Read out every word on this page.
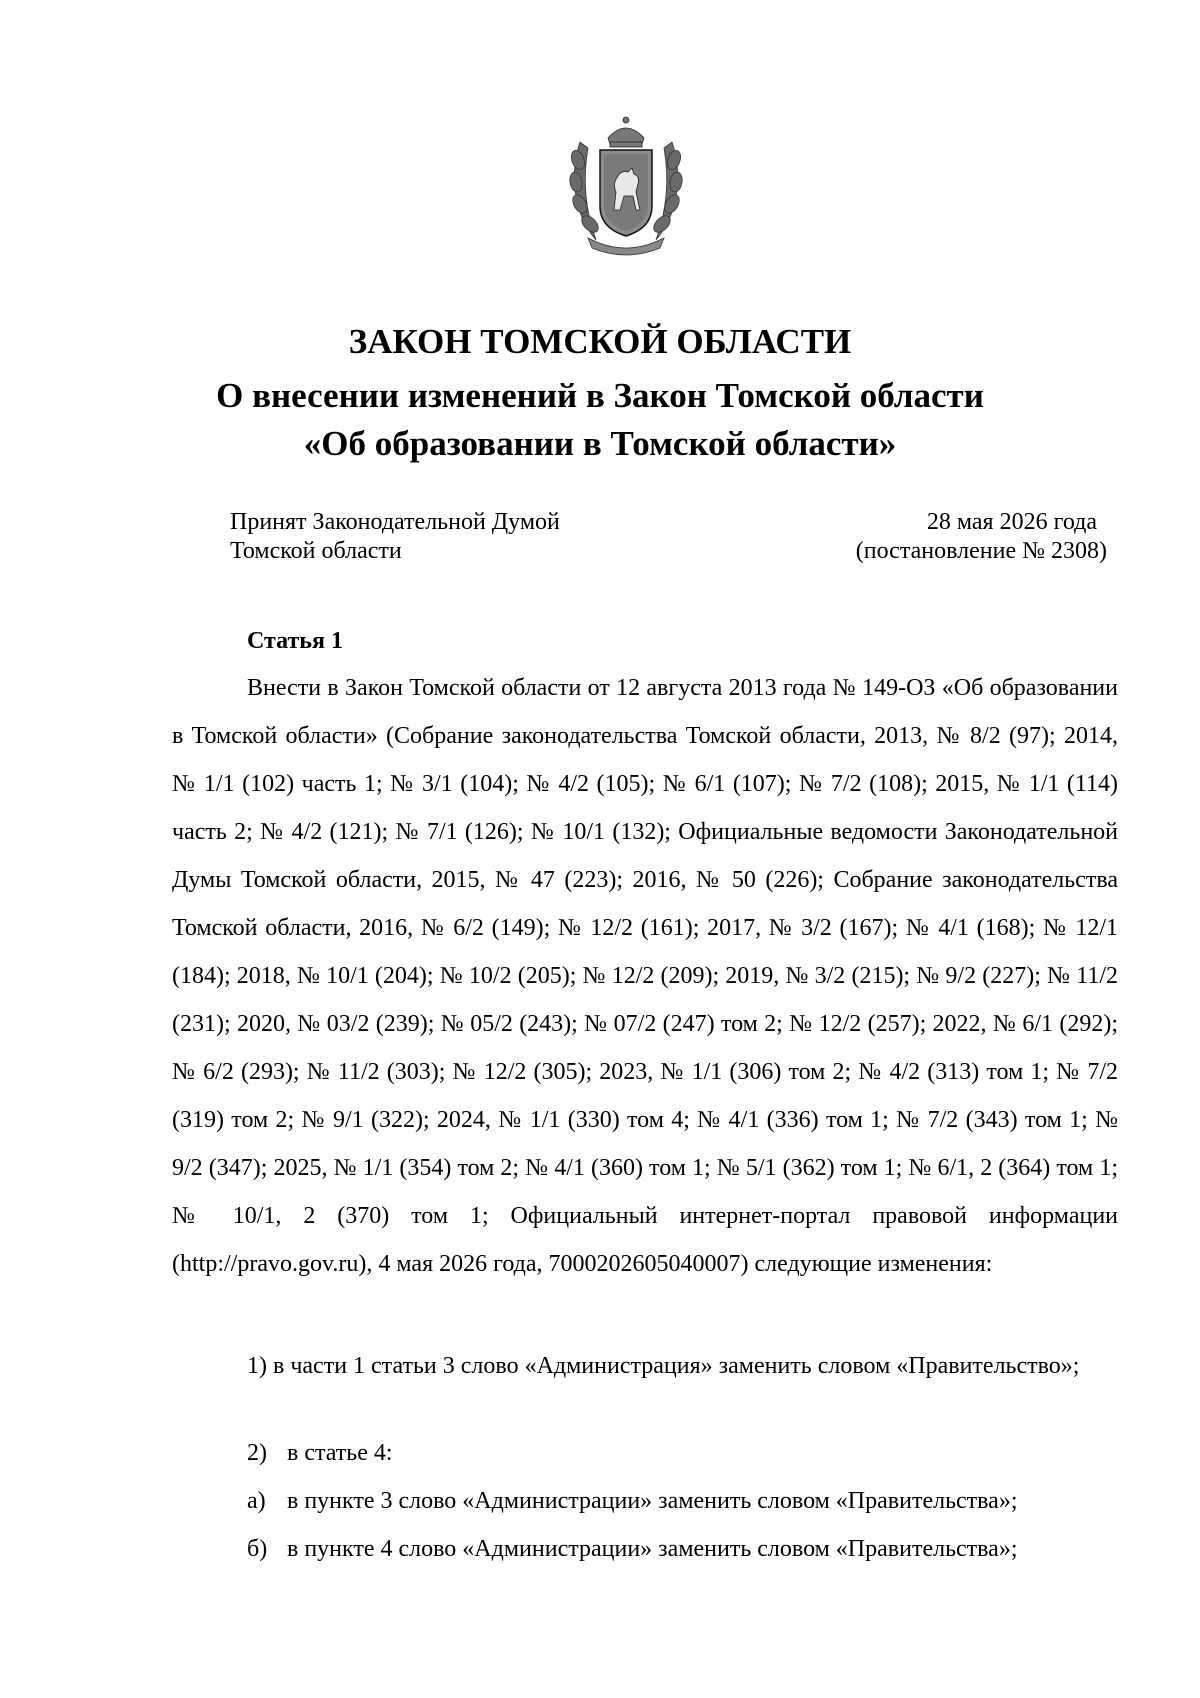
ЗАКОН ТОМСКОЙ ОБЛАСТИ
О внесении изменений в Закон Томской области
«Об образовании в Томской области»
Принят Законодательной Думой
Томской области
28 мая 2026 года
(постановление № 2308)
Статья 1

Внести в Закон Томской области от 12 августа 2013 года № 149-ОЗ «Об образовании в Томской области» (Собрание законодательства Томской области, 2013, № 8/2 (97); 2014, № 1/1 (102) часть 1; № 3/1 (104); № 4/2 (105); № 6/1 (107); № 7/2 (108); 2015, № 1/1 (114) часть 2; № 4/2 (121); № 7/1 (126); № 10/1 (132); Официальные ведомости Законодательной Думы Томской области, 2015, № 47 (223); 2016, № 50 (226); Собрание законодательства Томской области, 2016, № 6/2 (149); № 12/2 (161); 2017, № 3/2 (167); № 4/1 (168); № 12/1 (184); 2018, № 10/1 (204); № 10/2 (205); № 12/2 (209); 2019, № 3/2 (215); № 9/2 (227); № 11/2 (231); 2020, № 03/2 (239); № 05/2 (243); № 07/2 (247) том 2; № 12/2 (257); 2022, № 6/1 (292); № 6/2 (293); № 11/2 (303); № 12/2 (305); 2023, № 1/1 (306) том 2; № 4/2 (313) том 1; № 7/2 (319) том 2; № 9/1 (322); 2024, № 1/1 (330) том 4; № 4/1 (336) том 1; № 7/2 (343) том 1; № 9/2 (347); 2025, № 1/1 (354) том 2; № 4/1 (360) том 1; № 5/1 (362) том 1; № 6/1, 2 (364) том 1; № 10/1, 2 (370) том 1; Официальный интернет-портал правовой информации (http://pravo.gov.ru), 4 мая 2026 года, 7000202605040007) следующие изменения:

1) в части 1 статьи 3 слово «Администрация» заменить словом «Правительство»;

2) в статье 4:
а) в пункте 3 слово «Администрации» заменить словом «Правительства»;
б) в пункте 4 слово «Администрации» заменить словом «Правительства»;
